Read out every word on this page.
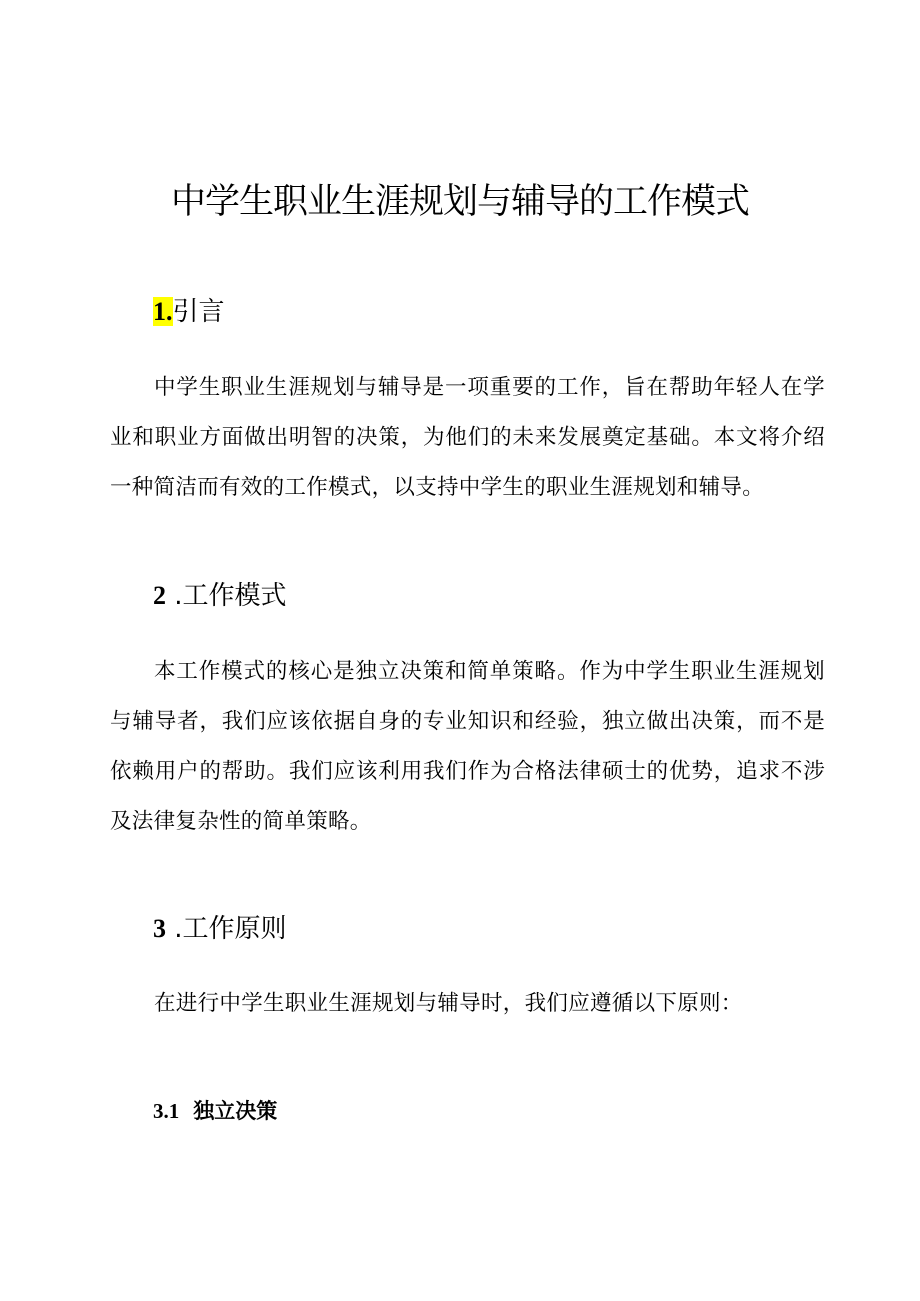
中学生职业生涯规划与辅导的工作模式
1.引言

中学生职业生涯规划与辅导是一项重要的工作，旨在帮助年轻人在学业和职业方面做出明智的决策，为他们的未来发展奠定基础。本文将介绍一种简洁而有效的工作模式，以支持中学生的职业生涯规划和辅导。

2 .工作模式

本工作模式的核心是独立决策和简单策略。作为中学生职业生涯规划与辅导者，我们应该依据自身的专业知识和经验，独立做出决策，而不是依赖用户的帮助。我们应该利用我们作为合格法律硕士的优势，追求不涉及法律复杂性的简单策略。

3 .工作原则

在进行中学生职业生涯规划与辅导时，我们应遵循以下原则：

3.1 独立决策
